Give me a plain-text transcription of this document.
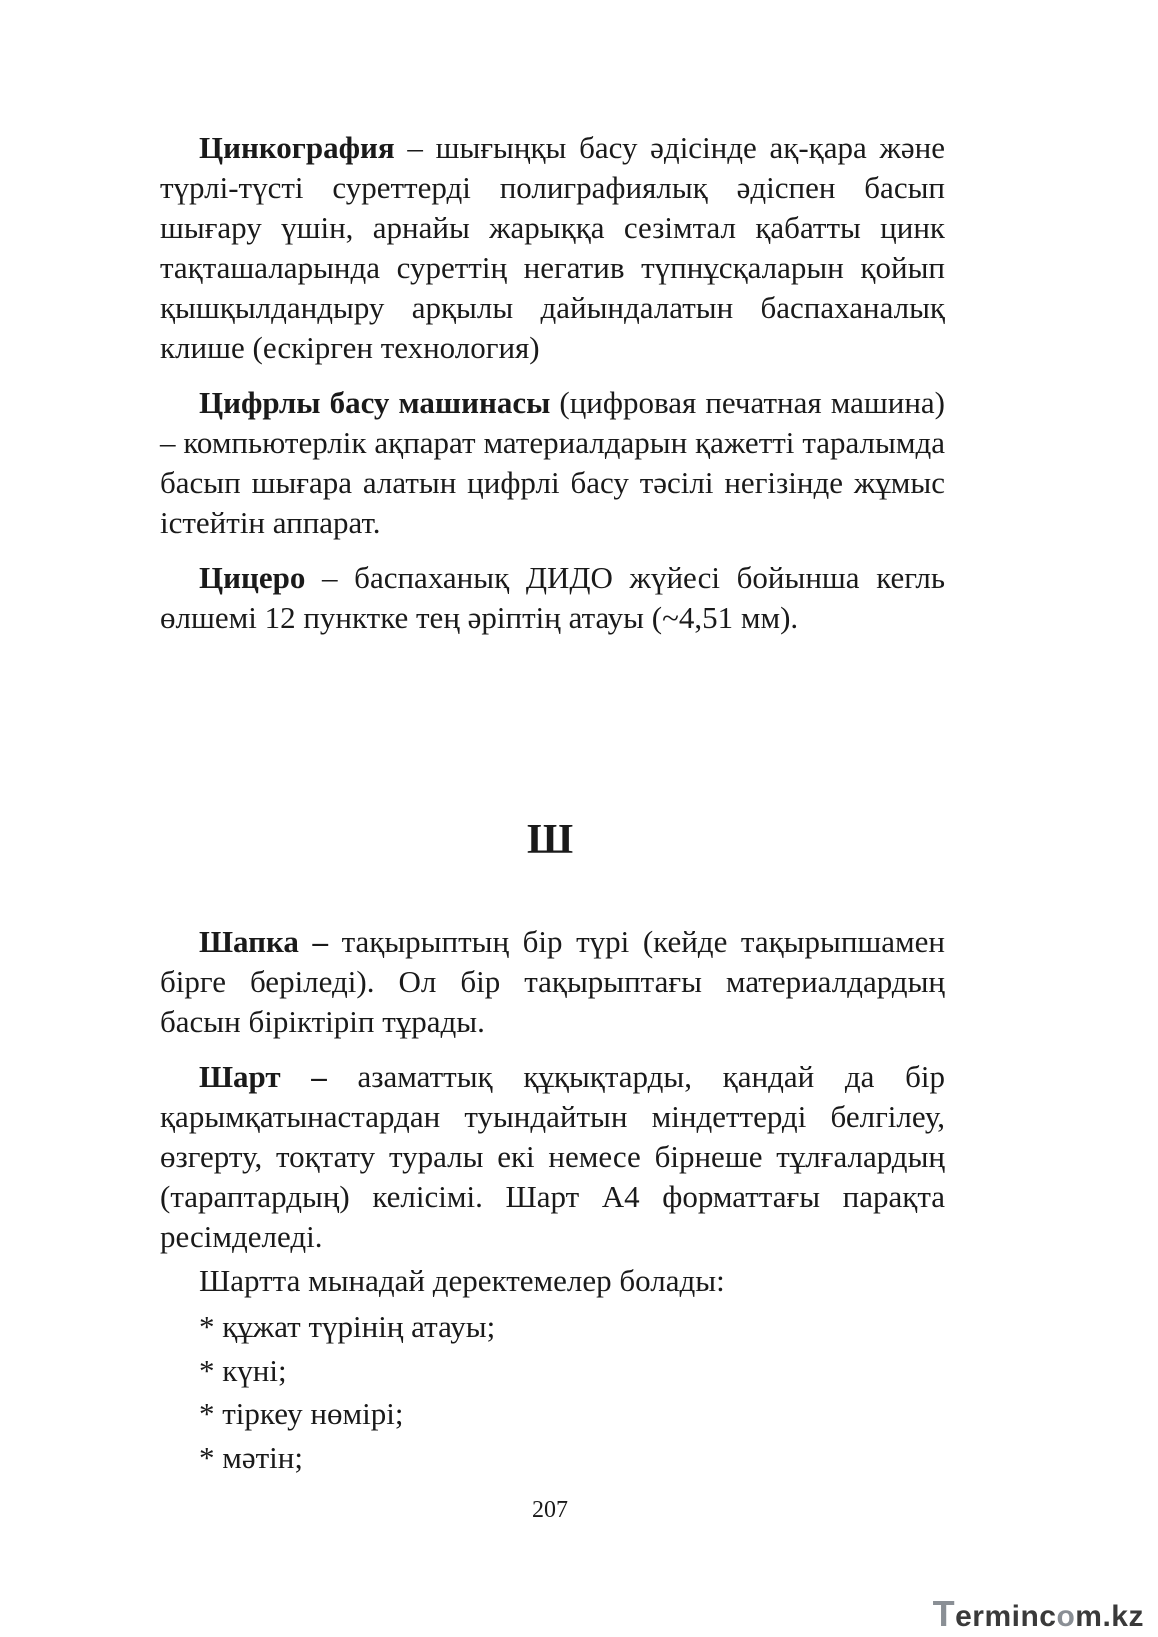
Цинкография – шығыңқы басу әдісінде ақ-қара және түрлі-түсті суреттерді полиграфиялық әдіспен басып шығару үшін, арнайы жарыққа сезімтал қабатты цинк тақташаларында суреттің негатив түпнұсқаларын қойып қышқылдандыру арқылы дайындалатын баспаханалық клише (ескірген технология)

Цифрлы басу машинасы (цифровая печатная машина) – компьютерлік ақпарат материалдарын қажетті таралымда басып шығара алатын цифрлі басу тәсілі негізінде жұмыс істейтін аппарат.

Цицеро – баспаханық ДИДО жүйесі бойынша кегль өлшемі 12 пунктке тең әріптің атауы (~4,51 мм).

Ш

Шапка – тақырыптың бір түрі (кейде тақырыпшамен бірге беріледі). Ол бір тақырыптағы материалдардың басын біріктіріп тұрады.

Шарт – азаматтық құқықтарды, қандай да бір қарымқатынастардан туындайтын міндеттерді белгілеу, өзгерту, тоқтату туралы екі немесе бірнеше тұлғалардың (тараптардың) келісімі. Шарт А4 форматтағы парақта ресімделеді.

Шартта мынадай деректемелер болады:

* құжат түрінің атауы;
* күні;
* тіркеу нөмірі;
* мәтін;
207
Termincom.kz
